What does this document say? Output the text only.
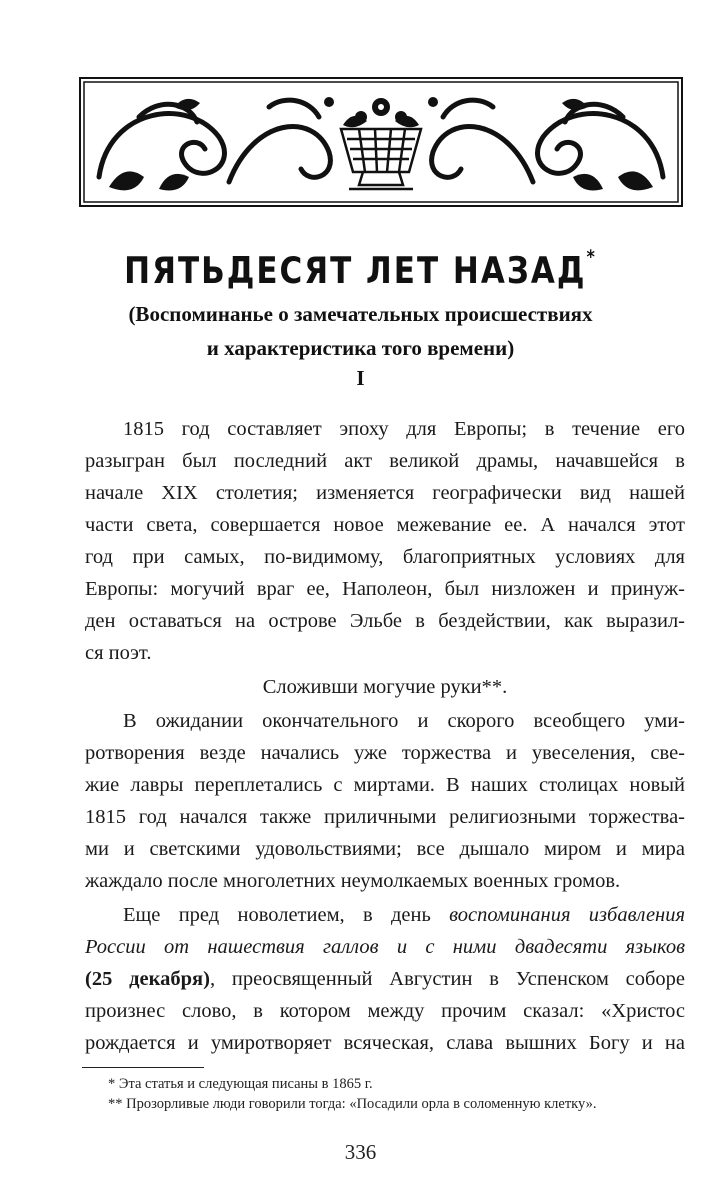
ПЯТЬДЕСЯТ ЛЕТ НАЗАД*
(Воспоминанье о замечательных происшествиях
и характеристика того времени)
I
1815 год составляет эпоху для Европы; в течение его
разыгран был последний акт великой драмы, начавшейся в
начале XIX столетия; изменяется географически вид нашей
части света, совершается новое межевание ее. А начался этот
год при самых, по-видимому, благоприятных условиях для
Европы: могучий враг ее, Наполеон, был низложен и принуж-
ден оставаться на острове Эльбе в бездействии, как выразил-
ся поэт.
Сложивши могучие руки**.
В ожидании окончательного и скорого всеобщего уми-
ротворения везде начались уже торжества и увеселения, све-
жие лавры переплетались с миртами. В наших столицах новый
1815 год начался также приличными религиозными торжества-
ми и светскими удовольствиями; все дышало миром и мира
жаждало после многолетних неумолкаемых военных громов.
Еще пред новолетием, в день воспоминания избавления
России от нашествия галлов и с ними двадесяти языков
(25 декабря), преосвященный Августин в Успенском соборе
произнес слово, в котором между прочим сказал: «Христос
рождается и умиротворяет всяческая, слава вышних Богу и на
* Эта статья и следующая писаны в 1865 г.
** Прозорливые люди говорили тогда: «Посадили орла в соломенную клетку».
336
